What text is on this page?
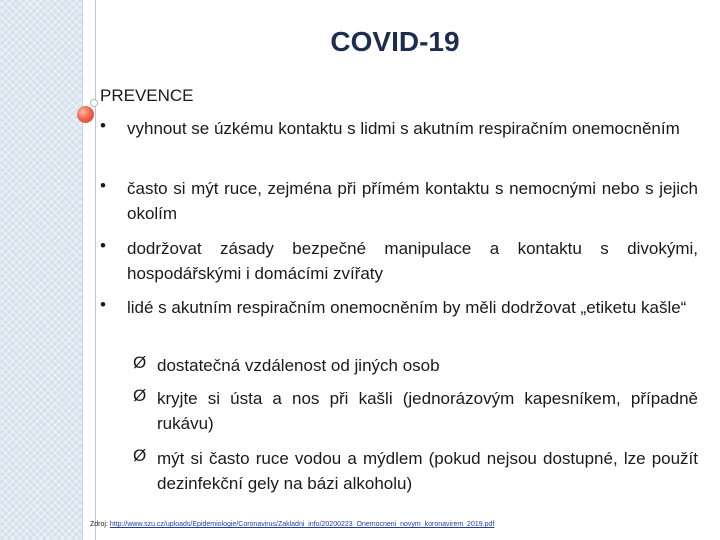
COVID-19
PREVENCE
• vyhnout se úzkému kontaktu s lidmi s akutním respiračním onemocněním
• často si mýt ruce, zejména při přímém kontaktu s nemocnými nebo s jejich okolím
• dodržovat zásady bezpečné manipulace a kontaktu s divokými, hospodářskými i domácími zvířaty
• lidé s akutním respiračním onemocněním by měli dodržovat „etiketu kašle“
Ø dostatečná vzdálenost od jiných osob
Ø kryjte si ústa a nos při kašli (jednorázovým kapesníkem, případně rukávu)
Ø mýt si často ruce vodou a mýdlem (pokud nejsou dostupné, lze použít dezinfekční gely na bázi alkoholu)
Zdroj: http://www.szu.cz/uploads/Epidemiologie/Coronavirus/Zakladni_info/20200223_Onemocneni_novym_koronavirem_2019.pdf
